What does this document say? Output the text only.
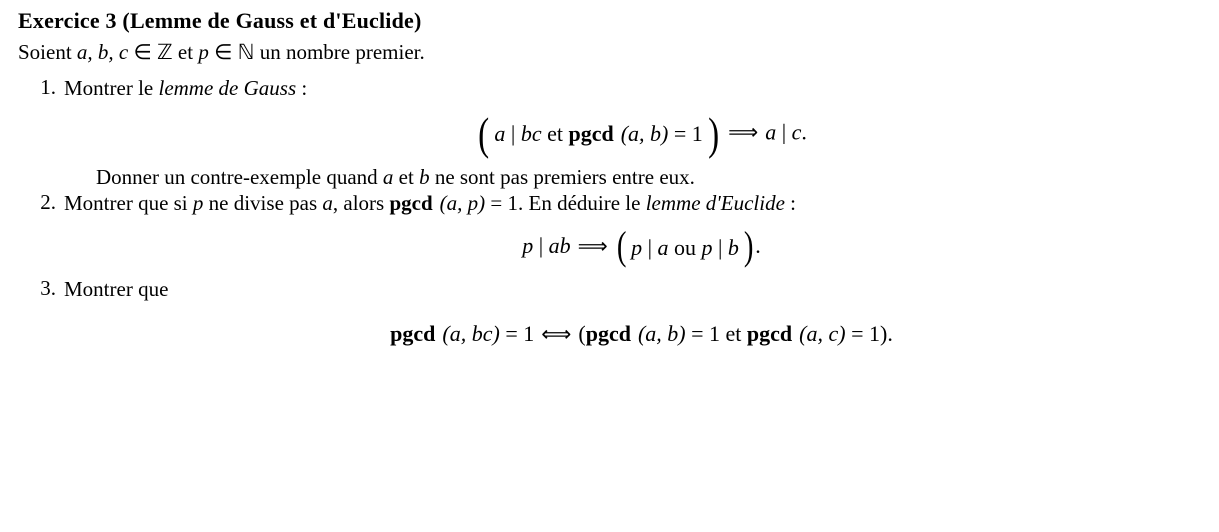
Exercice 3 (Lemme de Gauss et d'Euclide)
Soient a, b, c ∈ ℤ et p ∈ ℕ un nombre premier.
1. Montrer le lemme de Gauss :
( a | bc et pgcd (a, b) = 1 ) ⟹ a | c.
Donner un contre-exemple quand a et b ne sont pas premiers entre eux.
2. Montrer que si p ne divise pas a, alors pgcd (a, p) = 1. En déduire le lemme d'Euclide :
p | ab ⟹ ( p | a ou p | b ).
3. Montrer que
pgcd (a, bc) = 1 ⟺ (pgcd (a, b) = 1 et pgcd (a, c) = 1).
